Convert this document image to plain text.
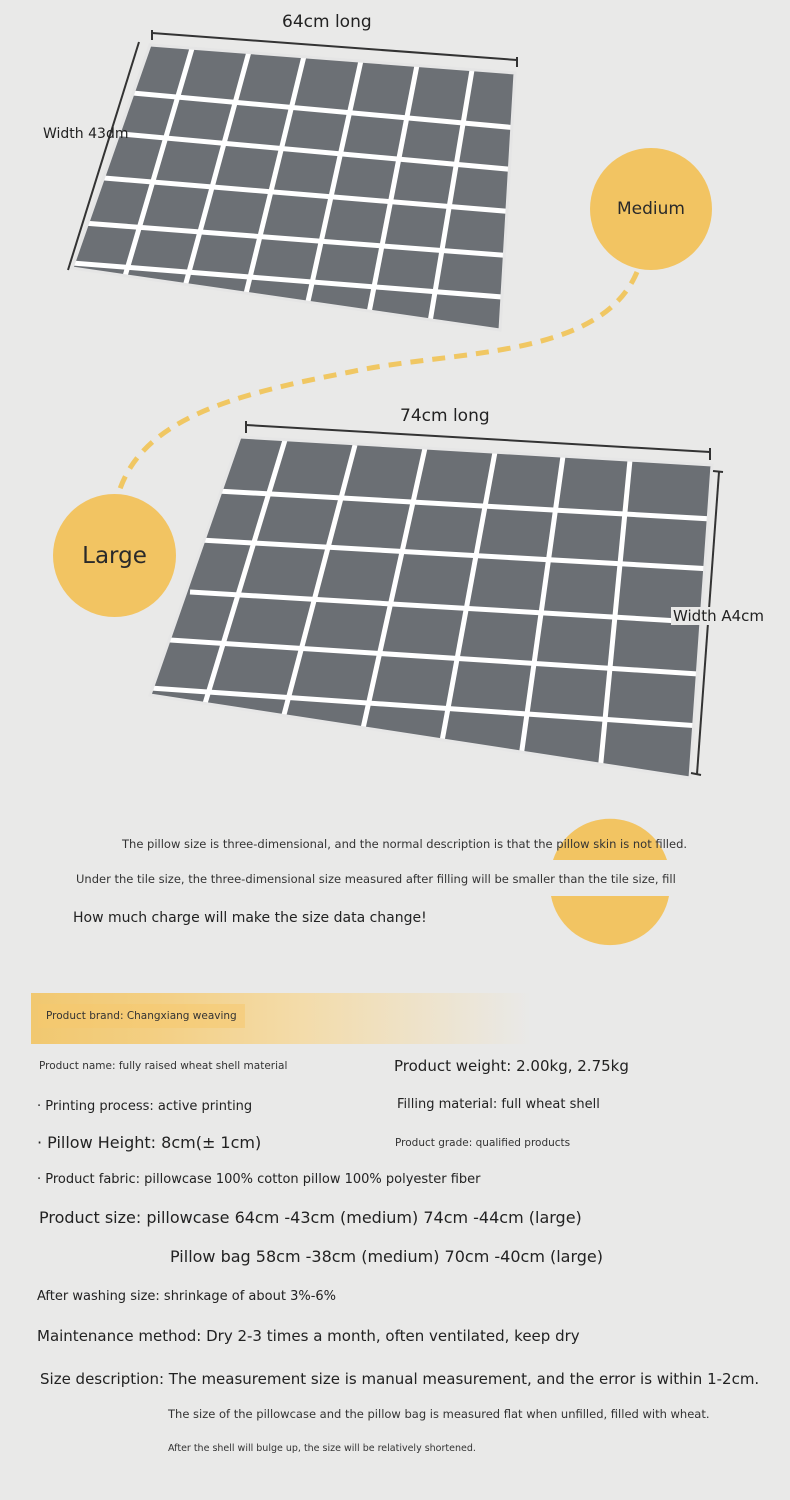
64cm long
Width 43dm
Medium
74cm long
Width A4cm
Large
The pillow size is three-dimensional, and the normal description is that the pillow skin is not filled.
Under the tile size, the three-dimensional size measured after filling will be smaller than the tile size, fill
How much charge will make the size data change!
Product brand: Changxiang weaving
Product name: fully raised wheat shell material	Product weight: 2.00kg, 2.75kg
· Printing process: active printing	Filling material: full wheat shell
· Pillow Height: 8cm(± 1cm)	Product grade: qualified products
· Product fabric: pillowcase 100% cotton pillow 100% polyester fiber
Product size: pillowcase 64cm -43cm (medium) 74cm -44cm (large)
Pillow bag 58cm -38cm (medium) 70cm -40cm (large)
After washing size: shrinkage of about 3%-6%
Maintenance method: Dry 2-3 times a month, often ventilated, keep dry
Size description: The measurement size is manual measurement, and the error is within 1-2cm.
The size of the pillowcase and the pillow bag is measured flat when unfilled, filled with wheat.
After the shell will bulge up, the size will be relatively shortened.
